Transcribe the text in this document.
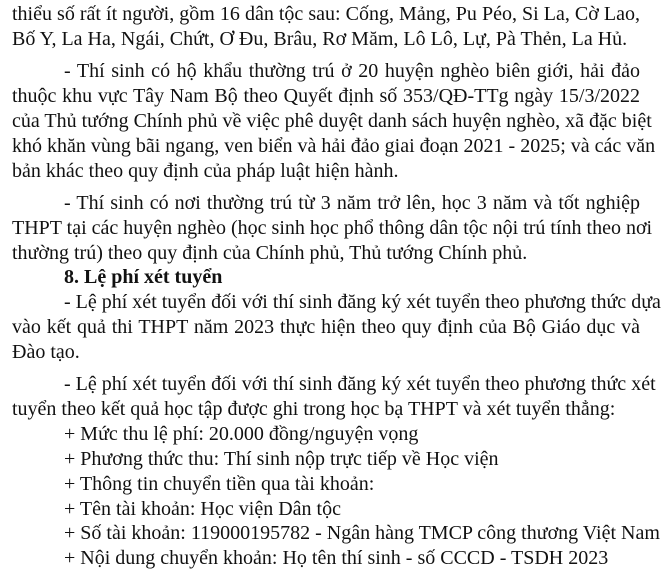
thiểu số rất ít người, gồm 16 dân tộc sau: Cống, Mảng, Pu Péo, Si La, Cờ Lao,
Bố Y, La Ha, Ngái, Chứt, Ơ Đu, Brâu, Rơ Măm, Lô Lô, Lự, Pà Thẻn, La Hủ.
- Thí sinh có hộ khẩu thường trú ở 20 huyện nghèo biên giới, hải đảo
thuộc khu vực Tây Nam Bộ theo Quyết định số 353/QĐ-TTg ngày 15/3/2022
của Thủ tướng Chính phủ về việc phê duyệt danh sách huyện nghèo, xã đặc biệt
khó khăn vùng bãi ngang, ven biển và hải đảo giai đoạn 2021 - 2025; và các văn
bản khác theo quy định của pháp luật hiện hành.
- Thí sinh có nơi thường trú từ 3 năm trở lên, học 3 năm và tốt nghiệp
THPT tại các huyện nghèo (học sinh học phổ thông dân tộc nội trú tính theo nơi
thường trú) theo quy định của Chính phủ, Thủ tướng Chính phủ.
8. Lệ phí xét tuyển
- Lệ phí xét tuyển đối với thí sinh đăng ký xét tuyển theo phương thức dựa
vào kết quả thi THPT năm 2023 thực hiện theo quy định của Bộ Giáo dục và
Đào tạo.
- Lệ phí xét tuyển đối với thí sinh đăng ký xét tuyển theo phương thức xét
tuyển theo kết quả học tập được ghi trong học bạ THPT và xét tuyển thẳng:
+ Mức thu lệ phí: 20.000 đồng/nguyện vọng
+ Phương thức thu: Thí sinh nộp trực tiếp về Học viện
+ Thông tin chuyển tiền qua tài khoản:
+ Tên tài khoản: Học viện Dân tộc
+ Số tài khoản: 119000195782 - Ngân hàng TMCP công thương Việt Nam
+ Nội dung chuyển khoản: Họ tên thí sinh - số CCCD - TSDH 2023
